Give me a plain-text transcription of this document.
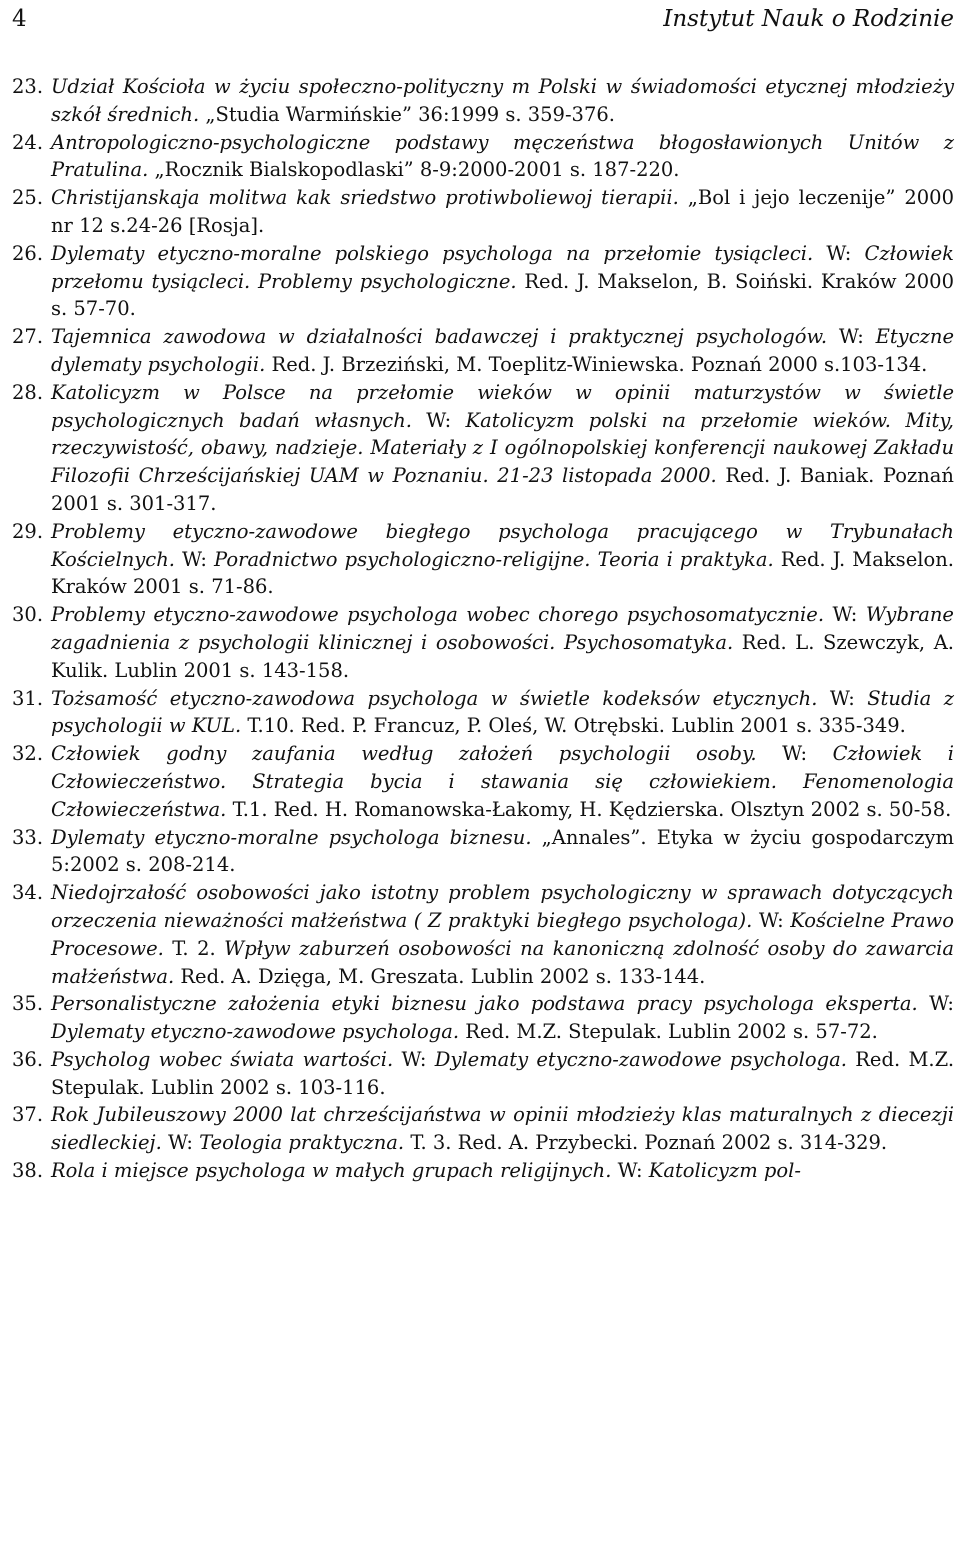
4	Instytut Nauk o Rodzinie
23. Udział Kościoła w życiu społeczno-polityczny m Polski w świadomości etycznej młodzieży szkół średnich. „Studia Warmińskie” 36:1999 s. 359-376.
24. Antropologiczno-psychologiczne podstawy męczeństwa błogosławionych Unitów z Pratulina. „Rocznik Bialskopodlaski” 8-9:2000-2001 s. 187-220.
25. Christijanskaja molitwa kak sriedstwo protiwboliewoj tierapii. „Bol i jejo leczenije” 2000 nr 12 s.24-26 [Rosja].
26. Dylematy etyczno-moralne polskiego psychologa na przełomie tysiącleci. W: Człowiek przełomu tysiącleci. Problemy psychologiczne. Red. J. Makselon, B. Soiński. Kraków 2000 s. 57-70.
27. Tajemnica zawodowa w działalności badawczej i praktycznej psychologów. W: Etyczne dylematy psychologii. Red. J. Brzeziński, M. Toeplitz-Winiewska. Poznań 2000 s.103-134.
28. Katolicyzm w Polsce na przełomie wieków w opinii maturzystów w świetle psychologicznych badań własnych. W: Katolicyzm polski na przełomie wieków. Mity, rzeczywistość, obawy, nadzieje. Materiały z I ogólnopolskiej konferencji naukowej Zakładu Filozofii Chrześcijańskiej UAM w Poznaniu. 21-23 listopada 2000. Red. J. Baniak. Poznań 2001 s. 301-317.
29. Problemy etyczno-zawodowe biegłego psychologa pracującego w Trybunałach Kościelnych. W: Poradnictwo psychologiczno-religijne. Teoria i praktyka. Red. J. Makselon. Kraków 2001 s. 71-86.
30. Problemy etyczno-zawodowe psychologa wobec chorego psychosomatycznie. W: Wybrane zagadnienia z psychologii klinicznej i osobowości. Psychosomatyka. Red. L. Szewczyk, A. Kulik. Lublin 2001 s. 143-158.
31. Tożsamość etyczno-zawodowa psychologa w świetle kodeksów etycznych. W: Studia z psychologii w KUL. T.10. Red. P. Francuz, P. Oleś, W. Otrębski. Lublin 2001 s. 335-349.
32. Człowiek godny zaufania według założeń psychologii osoby. W: Człowiek i Człowieczeństwo. Strategia bycia i stawania się człowiekiem. Fenomenologia Człowieczeństwa. T.1. Red. H. Romanowska-Łakomy, H. Kędzierska. Olsztyn 2002 s. 50-58.
33. Dylematy etyczno-moralne psychologa biznesu. „Annales”. Etyka w życiu gospodarczym 5:2002 s. 208-214.
34. Niedojrzałość osobowości jako istotny problem psychologiczny w sprawach dotyczących orzeczenia nieważności małżeństwa ( Z praktyki biegłego psychologa). W: Kościelne Prawo Procesowe. T. 2. Wpływ zaburzeń osobowości na kanoniczną zdolność osoby do zawarcia małżeństwa. Red. A. Dzięga, M. Greszata. Lublin 2002 s. 133-144.
35. Personalistyczne założenia etyki biznesu jako podstawa pracy psychologa eksperta. W: Dylematy etyczno-zawodowe psychologa. Red. M.Z. Stepulak. Lublin 2002 s. 57-72.
36. Psycholog wobec świata wartości. W: Dylematy etyczno-zawodowe psychologa. Red. M.Z. Stepulak. Lublin 2002 s. 103-116.
37. Rok Jubileuszowy 2000 lat chrześcijaństwa w opinii młodzieży klas maturalnych z diecezji siedleckiej. W: Teologia praktyczna. T. 3. Red. A. Przybecki. Poznań 2002 s. 314-329.
38. Rola i miejsce psychologa w małych grupach religijnych. W: Katolicyzm pol-
